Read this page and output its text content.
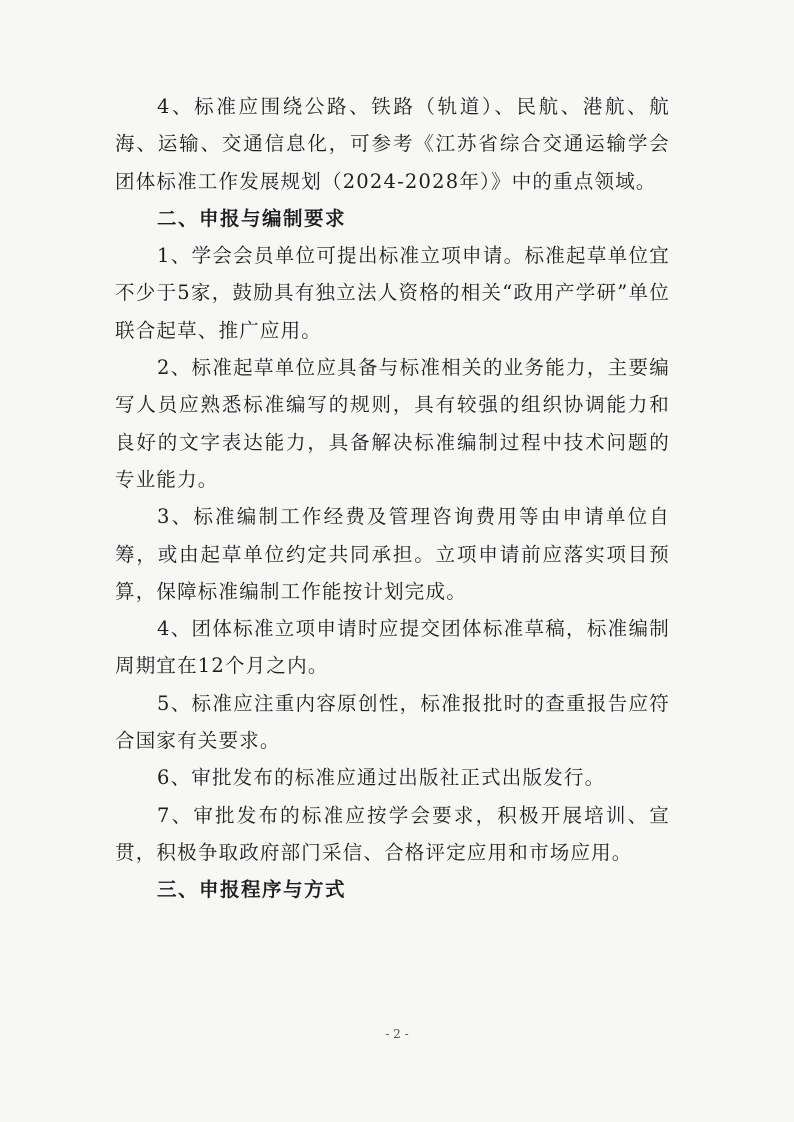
4、标准应围绕公路、铁路（轨道）、民航、港航、航海、运输、交通信息化，可参考《江苏省综合交通运输学会团体标准工作发展规划（2024-2028年）》中的重点领域。

二、申报与编制要求

1、学会会员单位可提出标准立项申请。标准起草单位宜不少于5家，鼓励具有独立法人资格的相关“政用产学研”单位联合起草、推广应用。

2、标准起草单位应具备与标准相关的业务能力，主要编写人员应熟悉标准编写的规则，具有较强的组织协调能力和良好的文字表达能力，具备解决标准编制过程中技术问题的专业能力。

3、标准编制工作经费及管理咨询费用等由申请单位自筹，或由起草单位约定共同承担。立项申请前应落实项目预算，保障标准编制工作能按计划完成。

4、团体标准立项申请时应提交团体标准草稿，标准编制周期宜在12个月之内。

5、标准应注重内容原创性，标准报批时的查重报告应符合国家有关要求。

6、审批发布的标准应通过出版社正式出版发行。

7、审批发布的标准应按学会要求，积极开展培训、宣贯，积极争取政府部门采信、合格评定应用和市场应用。

三、申报程序与方式

- 2 -
